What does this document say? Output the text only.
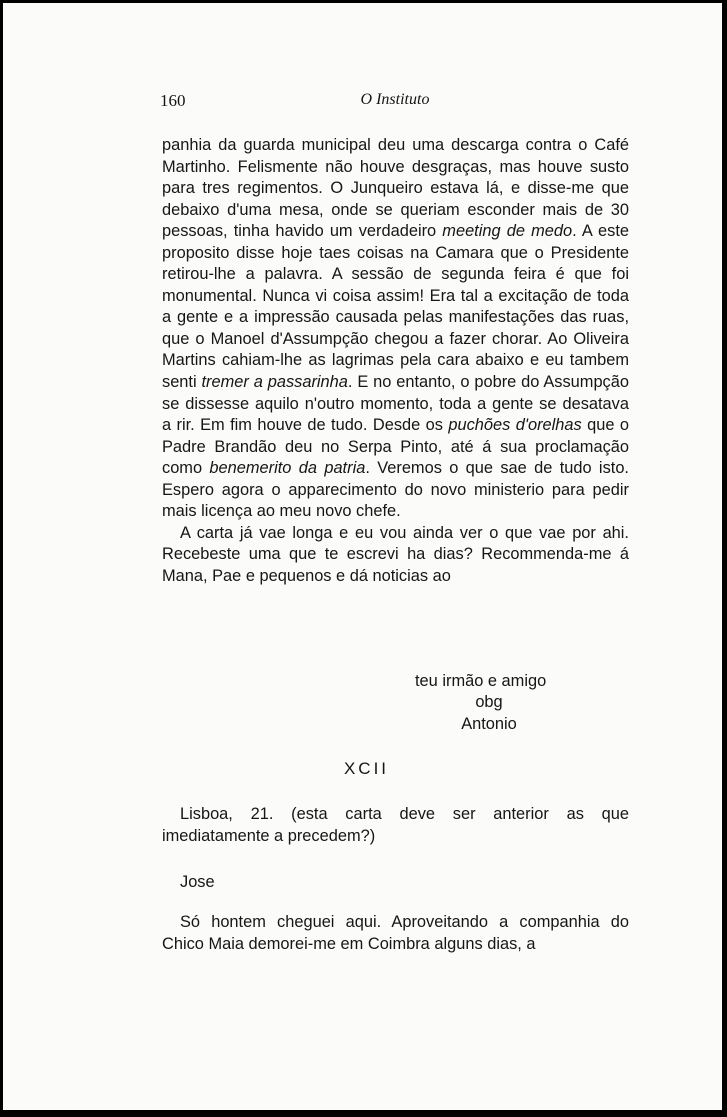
160	O Instituto

panhia da guarda municipal deu uma descarga contra o Café Martinho. Felismente não houve desgraças, mas houve susto para tres regimentos. O Junqueiro estava lá, e disse-me que debaixo d'uma mesa, onde se queriam esconder mais de 30 pessoas, tinha havido um verdadeiro meeting de medo. A este proposito disse hoje taes coisas na Camara que o Presidente retirou-lhe a palavra. A sessão de segunda feira é que foi monumental. Nunca vi coisa assim! Era tal a excitação de toda a gente e a impressão causada pelas manifestações das ruas, que o Manoel d'Assumpção chegou a fazer chorar. Ao Oliveira Martins cahiam-lhe as lagrimas pela cara abaixo e eu tambem senti tremer a passarinha. E no entanto, o pobre do Assumpção se dissesse aquilo n'outro momento, toda a gente se desatava a rir. Em fim houve de tudo. Desde os puchões d'orelhas que o Padre Brandão deu no Serpa Pinto, até á sua proclamação como benemerito da patria. Veremos o que sae de tudo isto. Espero agora o apparecimento do novo ministerio para pedir mais licença ao meu novo chefe.

A carta já vae longa e eu vou ainda ver o que vae por ahi. Recebeste uma que te escrevi ha dias? Recommenda-me á Mana, Pae e pequenos e dá noticias ao

teu irmão e amigo
obg
Antonio
XCII
Lisboa, 21. (esta carta deve ser anterior as que imediatamente a precedem?)
Jose
Só hontem cheguei aqui. Aproveitando a companhia do Chico Maia demorei-me em Coimbra alguns dias, a
